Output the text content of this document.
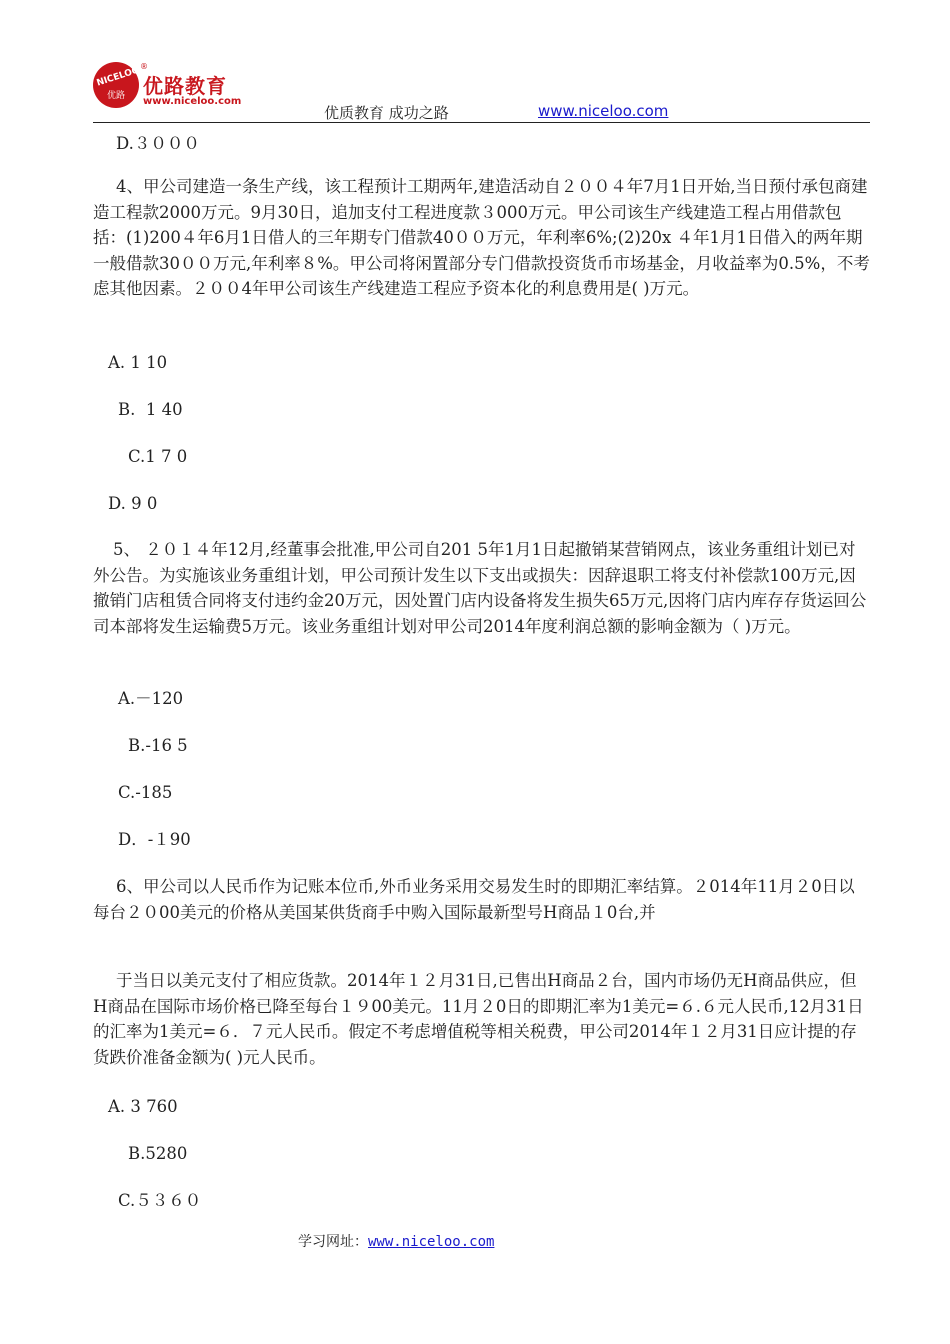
NICELOO
优路
®
优路教育
www.niceloo.com
优质教育 成功之路	www.niceloo.com
D.３０００
4、甲公司建造一条生产线，该工程预计工期两年,建造活动自２００４年7月1日开始,当日预付承包商建造工程款2000万元。9月30日，追加支付工程进度款３000万元。甲公司该生产线建造工程占用借款包括：(1)200４年6月1日借人的三年期专门借款40００万元，年利率6%;(2)20x ４年1月1日借入的两年期一般借款30００万元,年利率８%。甲公司将闲置部分专门借款投资货币市场基金，月收益率为0.5%，不考虑其他因素。２００4年甲公司该生产线建造工程应予资本化的利息费用是( )万元。
A. 1 10
B.  1 40
C.1 7 0
D. 9 0
5、 ２０１４年12月,经董事会批准,甲公司自201 5年1月1日起撤销某营销网点，该业务重组计划已对外公告。为实施该业务重组计划，甲公司预计发生以下支出或损失：因辞退职工将支付补偿款100万元,因撤销门店租赁合同将支付违约金20万元，因处置门店内设备将发生损失65万元,因将门店内库存存货运回公司本部将发生运输费5万元。该业务重组计划对甲公司2014年度利润总额的影响金额为（ )万元。
A.－120
B.-16 5
C.-185
D．-１90
6、甲公司以人民币作为记账本位币,外币业务采用交易发生时的即期汇率结算。２014年11月２0日以每台２０00美元的价格从美国某供货商手中购入国际最新型号H商品１0台,并
于当日以美元支付了相应货款。2014年１２月31日,已售出H商品２台，国内市场仍无H商品供应，但H商品在国际市场价格已降至每台１９00美元。11月２0日的即期汇率为1美元=６.６元人民币,12月31日的汇率为1美元=６．７元人民币。假定不考虑增值税等相关税费，甲公司2014年１２月31日应计提的存货跌价准备金额为( )元人民币。
A. 3 760
B.5280
C.５３６０
学习网址：www.niceloo.com
